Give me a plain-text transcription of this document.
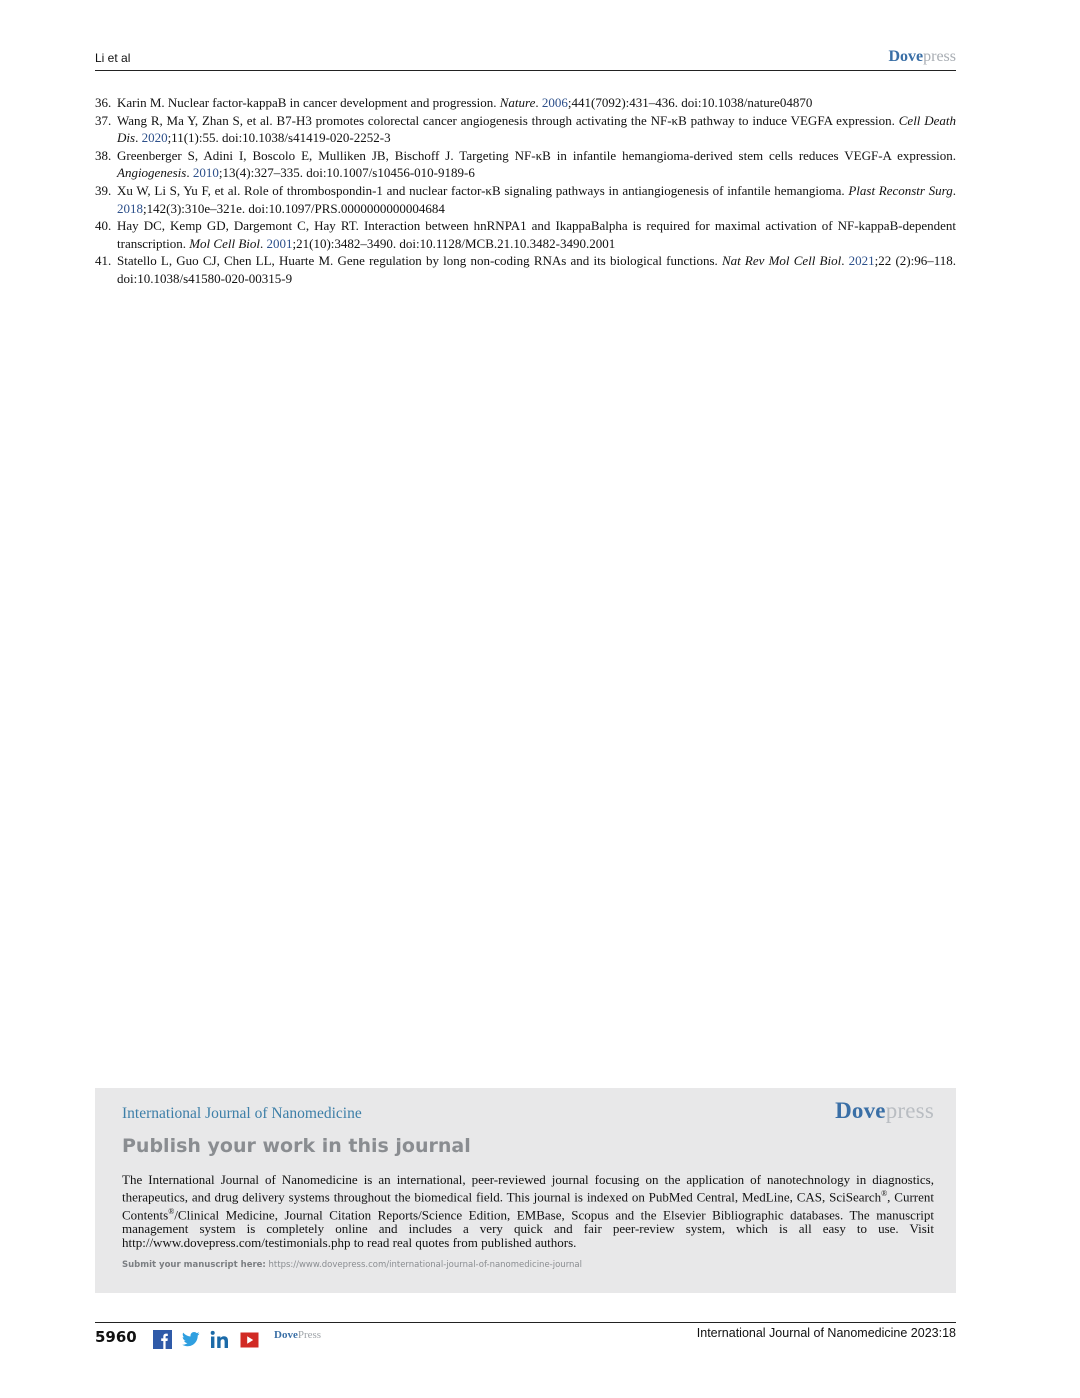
Li et al	Dovepress
36. Karin M. Nuclear factor-kappaB in cancer development and progression. Nature. 2006;441(7092):431–436. doi:10.1038/nature04870
37. Wang R, Ma Y, Zhan S, et al. B7-H3 promotes colorectal cancer angiogenesis through activating the NF-κB pathway to induce VEGFA expression. Cell Death Dis. 2020;11(1):55. doi:10.1038/s41419-020-2252-3
38. Greenberger S, Adini I, Boscolo E, Mulliken JB, Bischoff J. Targeting NF-κB in infantile hemangioma-derived stem cells reduces VEGF-A expression. Angiogenesis. 2010;13(4):327–335. doi:10.1007/s10456-010-9189-6
39. Xu W, Li S, Yu F, et al. Role of thrombospondin-1 and nuclear factor-κB signaling pathways in antiangiogenesis of infantile hemangioma. Plast Reconstr Surg. 2018;142(3):310e–321e. doi:10.1097/PRS.0000000000004684
40. Hay DC, Kemp GD, Dargemont C, Hay RT. Interaction between hnRNPA1 and IkappaBalpha is required for maximal activation of NF-kappaB-dependent transcription. Mol Cell Biol. 2001;21(10):3482–3490. doi:10.1128/MCB.21.10.3482-3490.2001
41. Statello L, Guo CJ, Chen LL, Huarte M. Gene regulation by long non-coding RNAs and its biological functions. Nat Rev Mol Cell Biol. 2021;22 (2):96–118. doi:10.1038/s41580-020-00315-9
International Journal of Nanomedicine	Dovepress
Publish your work in this journal
The International Journal of Nanomedicine is an international, peer-reviewed journal focusing on the application of nanotechnology in diagnostics, therapeutics, and drug delivery systems throughout the biomedical field. This journal is indexed on PubMed Central, MedLine, CAS, SciSearch®, Current Contents®/Clinical Medicine, Journal Citation Reports/Science Edition, EMBase, Scopus and the Elsevier Bibliographic databases. The manuscript management system is completely online and includes a very quick and fair peer-review system, which is all easy to use. Visit http://www.dovepress.com/testimonials.php to read real quotes from published authors.
Submit your manuscript here: https://www.dovepress.com/international-journal-of-nanomedicine-journal
5960	DovePress	International Journal of Nanomedicine 2023:18
